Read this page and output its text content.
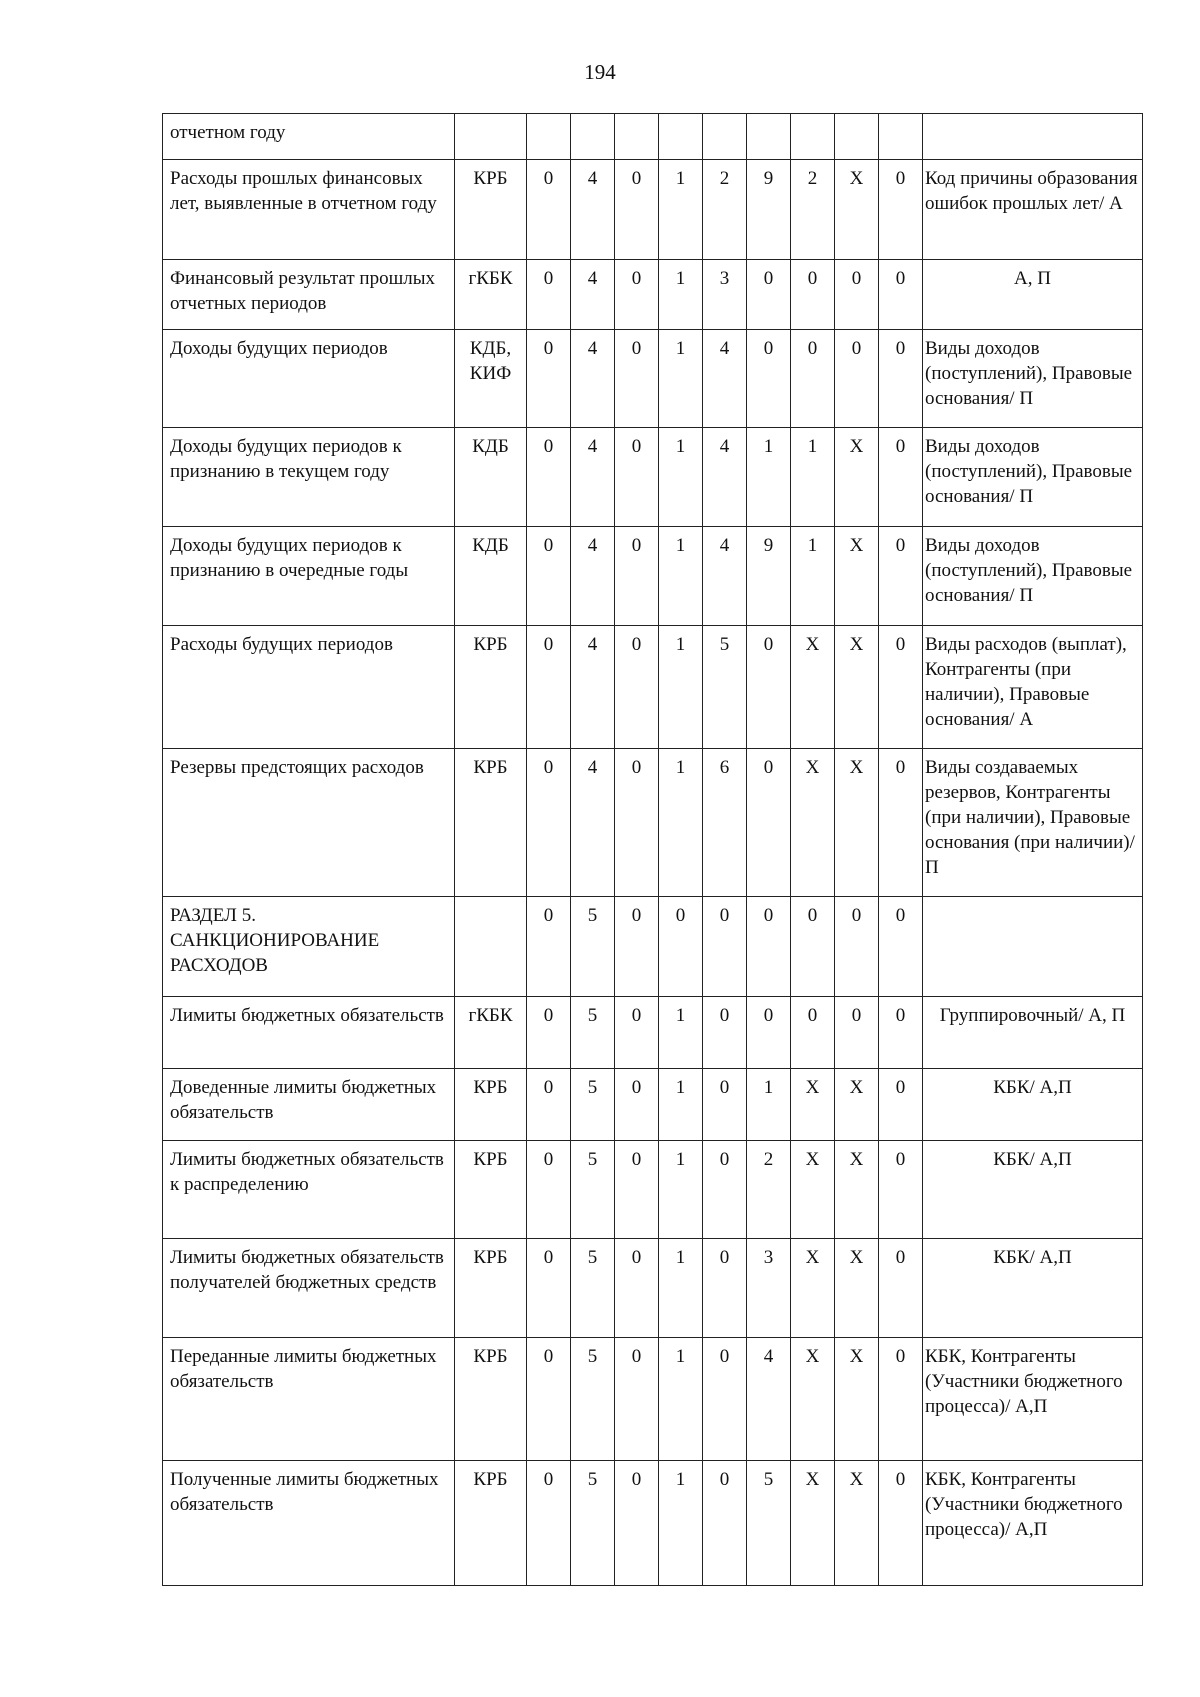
194
отчетном году											
Расходы прошлых финансовых лет, выявленные в отчетном году	КРБ	0	4	0	1	2	9	2	X	0	Код причины образования ошибок прошлых лет/ А
Финансовый результат прошлых отчетных периодов	гКБК	0	4	0	1	3	0	0	0	0	А, П
Доходы будущих периодов	КДБ, КИФ	0	4	0	1	4	0	0	0	0	Виды доходов (поступлений), Правовые основания/ П
Доходы будущих периодов к признанию в текущем году	КДБ	0	4	0	1	4	1	1	X	0	Виды доходов (поступлений), Правовые основания/ П
Доходы будущих периодов к признанию в очередные годы	КДБ	0	4	0	1	4	9	1	X	0	Виды доходов (поступлений), Правовые основания/ П
Расходы будущих периодов	КРБ	0	4	0	1	5	0	X	X	0	Виды расходов (выплат), Контрагенты (при наличии), Правовые основания/ А
Резервы предстоящих расходов	КРБ	0	4	0	1	6	0	X	X	0	Виды создаваемых резервов, Контрагенты (при наличии), Правовые основания (при наличии)/ П
РАЗДЕЛ 5. САНКЦИОНИРОВАНИЕ РАСХОДОВ		0	5	0	0	0	0	0	0	0	
Лимиты бюджетных обязательств	гКБК	0	5	0	1	0	0	0	0	0	Группировочный/ А, П
Доведенные лимиты бюджетных обязательств	КРБ	0	5	0	1	0	1	X	X	0	КБК/ А,П
Лимиты бюджетных обязательств к распределению	КРБ	0	5	0	1	0	2	X	X	0	КБК/ А,П
Лимиты бюджетных обязательств получателей бюджетных средств	КРБ	0	5	0	1	0	3	X	X	0	КБК/ А,П
Переданные лимиты бюджетных обязательств	КРБ	0	5	0	1	0	4	X	X	0	КБК, Контрагенты (Участники бюджетного процесса)/ А,П
Полученные лимиты бюджетных обязательств	КРБ	0	5	0	1	0	5	X	X	0	КБК, Контрагенты (Участники бюджетного процесса)/ А,П
